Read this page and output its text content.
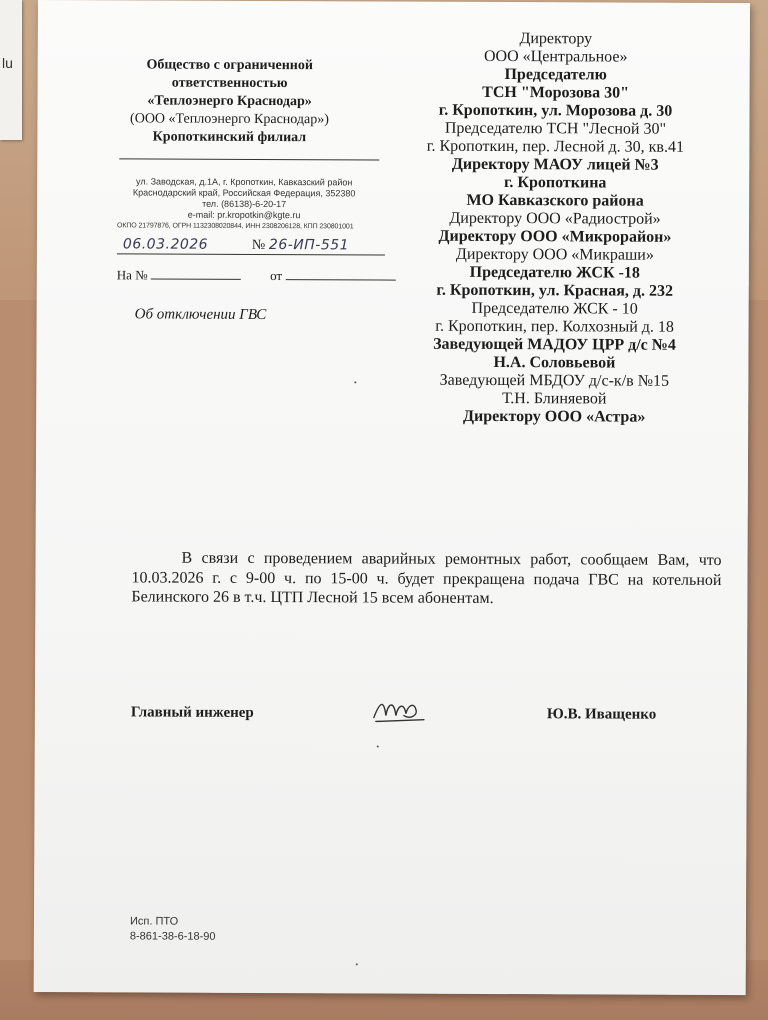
lu	Общество с ограниченной
ответственностью
«Теплоэнерго Краснодар»
(ООО «Теплоэнерго Краснодар»)
Кропоткинский филиал
ул. Заводская, д.1А, г. Кропоткин, Кавказский район
Краснодарский край, Российская Федерация, 352380
тел. (86138)-6-20-17
e-mail: pr.kropotkin@kgte.ru
ОКПО 21797876, ОГРН 1132308020844, ИНН 2308206128, КПП 230801001
06.03.2026	№ 26-ИП-551
На №	от
Об отключении ГВС
Директору
ООО «Центральное»
Председателю
ТСН "Морозова 30"
г. Кропоткин, ул. Морозова д. 30
Председателю ТСН "Лесной 30"
г. Кропоткин, пер. Лесной д. 30, кв.41
Директору МАОУ лицей №3
г. Кропоткина
МО Кавказского района
Директору ООО «Радиострой»
Директору ООО «Микрорайон»
Директору ООО «Микраши»
Председателю ЖСК -18
г. Кропоткин, ул. Красная, д. 232
Председателю ЖСК - 10
г. Кропоткин, пер. Колхозный д. 18
Заведующей МАДОУ ЦРР д/с №4
Н.А. Соловьевой
Заведующей МБДОУ д/с-к/в №15
Т.Н. Блиняевой
Директору ООО «Астра»
В связи с проведением аварийных ремонтных работ, сообщаем Вам, что 10.03.2026 г. с 9-00 ч. по 15-00 ч. будет прекращена подача ГВС на котельной Белинского 26 в т.ч. ЦТП Лесной 15 всем абонентам.
Главный инженер	Ю.В. Иващенко
Исп. ПТО
8-861-38-6-18-90
